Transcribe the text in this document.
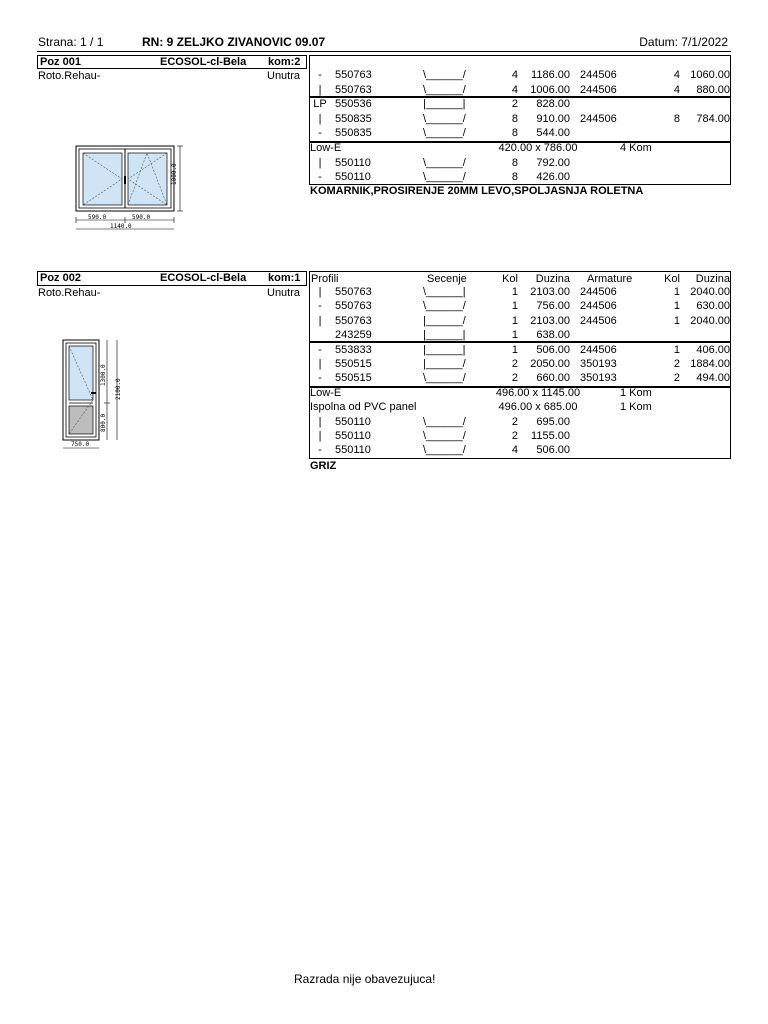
Strana: 1 / 1	RN: 9 ZELJKO ZIVANOVIC 09.07	Datum: 7/1/2022
Poz 001	ECOSOL-cl-Bela kom:2
Roto.Rehau-	Unutra	-	550763	\______/	4	1186.00 244506	4 1060.00
|	550763	\______/	4	1006.00 244506	4	880.00
LP 550536	|______|	2	828.00
|	550835	\______/	8	910.00 244506	8	784.00
-	550835	\______/	8	544.00
Low-E	420.00 x 786.00	4 Kom
|	550110	\______/	8	792.00
-	550110	\______/	8	426.00
KOMARNIK,PROSIRENJE 20MM LEVO,SPOLJASNJA ROLETNA
1000.0
590.0	590.0
1140.0
Poz 002	ECOSOL-cl-Bela kom:1
Roto.Rehau-	Unutra
Profili	Secenje	Kol	Duzina Armature	Kol	Duzina
|	550763	\______|	1	2103.00 244506	1 2040.00
-	550763	\______/	1	756.00 244506	1	630.00
|	550763	|______/	1	2103.00 244506	1 2040.00
243259	|______|	1	638.00
-	553833	|______|	1	506.00 244506	1	406.00
|	550515	|______/	2	2050.00 350193	2 1884.00
-	550515	\______/	2	660.00 350193	2	494.00
Low-E	496.00 x 1145.00	1 Kom
Ispolna od PVC panel	496.00 x 685.00	1 Kom
|	550110	\______/	2	695.00
|	550110	\______/	2	1155.00
-	550110	\______/	4	506.00
GRIZ
1300.0
800.0
2100.0
750.0
Razrada nije obavezujuca!
